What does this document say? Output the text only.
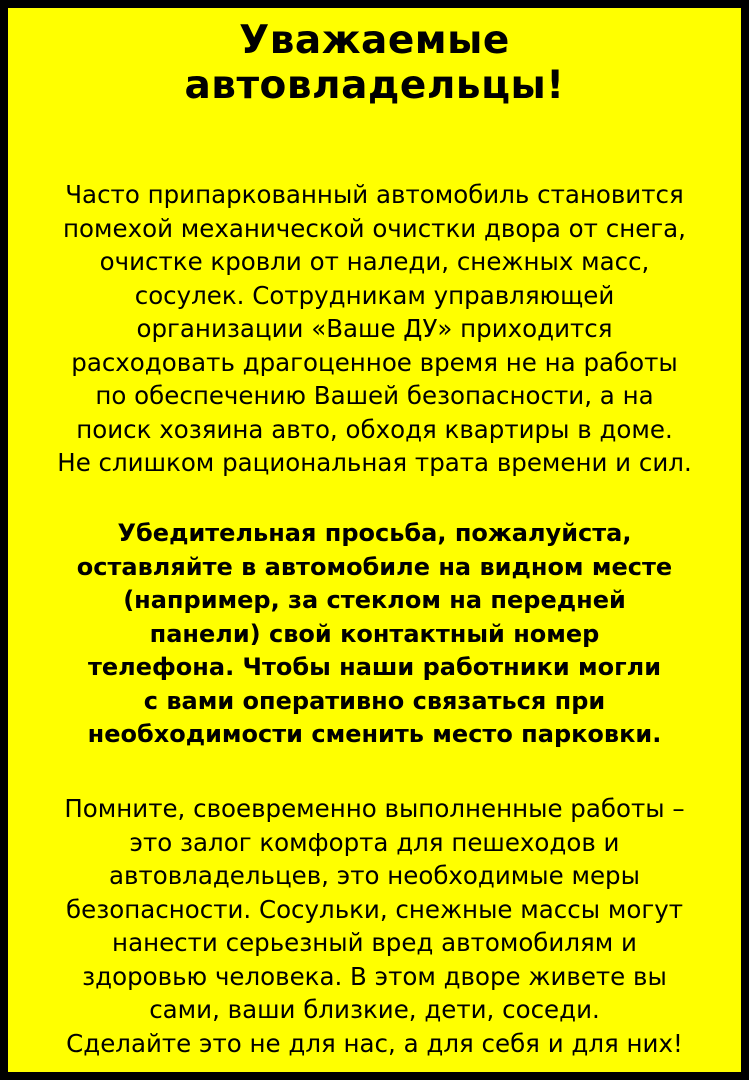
Уважаемые
автовладельцы!

Часто припаркованный автомобиль становится
помехой механической очистки двора от снега,
очистке кровли от наледи, снежных масс,
сосулек. Сотрудникам управляющей
организации «Ваше ДУ» приходится
расходовать драгоценное время не на работы
по обеспечению Вашей безопасности, а на
поиск хозяина авто, обходя квартиры в доме.
Не слишком рациональная трата времени и сил.

Убедительная просьба, пожалуйста,
оставляйте в автомобиле на видном месте
(например, за стеклом на передней
панели) свой контактный номер
телефона. Чтобы наши работники могли
с вами оперативно связаться при
необходимости сменить место парковки.

Помните, своевременно выполненные работы –
это залог комфорта для пешеходов и
автовладельцев, это необходимые меры
безопасности. Сосульки, снежные массы могут
нанести серьезный вред автомобилям и
здоровью человека. В этом дворе живете вы
сами, ваши близкие, дети, соседи.
Сделайте это не для нас, а для себя и для них!
